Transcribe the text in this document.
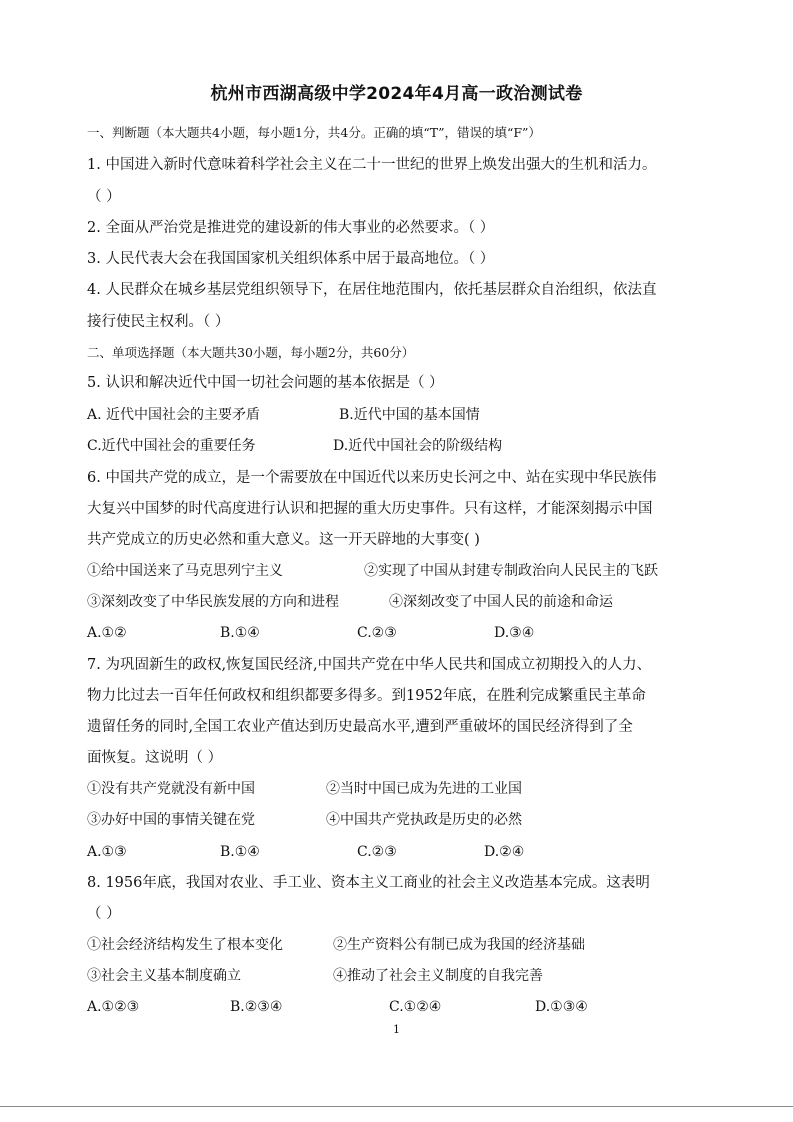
杭州市西湖高级中学2024年4月高一政治测试卷
一、判断题（本大题共4小题，每小题1分，共4分。正确的填“T”，错误的填“F”）
1. 中国进入新时代意味着科学社会主义在二十一世纪的世界上焕发出强大的生机和活力。
（ ）
2. 全面从严治党是推进党的建设新的伟大事业的必然要求。（ ）
3. 人民代表大会在我国国家机关组织体系中居于最高地位。（ ）
4. 人民群众在城乡基层党组织领导下，在居住地范围内，依托基层群众自治组织，依法直
接行使民主权利。（ ）
二、单项选择题（本大题共30小题，每小题2分，共60分）
5. 认识和解决近代中国一切社会问题的基本依据是（ ）
A. 近代中国社会的主要矛盾	B.近代中国的基本国情
C.近代中国社会的重要任务	D.近代中国社会的阶级结构
6. 中国共产党的成立，是一个需要放在中国近代以来历史长河之中、站在实现中华民族伟
大复兴中国梦的时代高度进行认识和把握的重大历史事件。只有这样，才能深刻揭示中国
共产党成立的历史必然和重大意义。这一开天辟地的大事变( )
①给中国送来了马克思列宁主义	②实现了中国从封建专制政治向人民民主的飞跃
③深刻改变了中华民族发展的方向和进程	④深刻改变了中国人民的前途和命运
A.①②	B.①④	C.②③	D.③④
7. 为巩固新生的政权,恢复国民经济,中国共产党在中华人民共和国成立初期投入的人力、
物力比过去一百年任何政权和组织都要多得多。到1952年底，在胜利完成繁重民主革命
遗留任务的同时,全国工农业产值达到历史最高水平,遭到严重破坏的国民经济得到了全
面恢复。这说明（ ）
①没有共产党就没有新中国	②当时中国已成为先进的工业国
③办好中国的事情关键在党	④中国共产党执政是历史的必然
A.①③	B.①④	C.②③	D.②④
8. 1956年底，我国对农业、手工业、资本主义工商业的社会主义改造基本完成。这表明
（ ）
①社会经济结构发生了根本变化	②生产资料公有制已成为我国的经济基础
③社会主义基本制度确立	④推动了社会主义制度的自我完善
A.①②③	B.②③④	C.①②④	D.①③④
1
